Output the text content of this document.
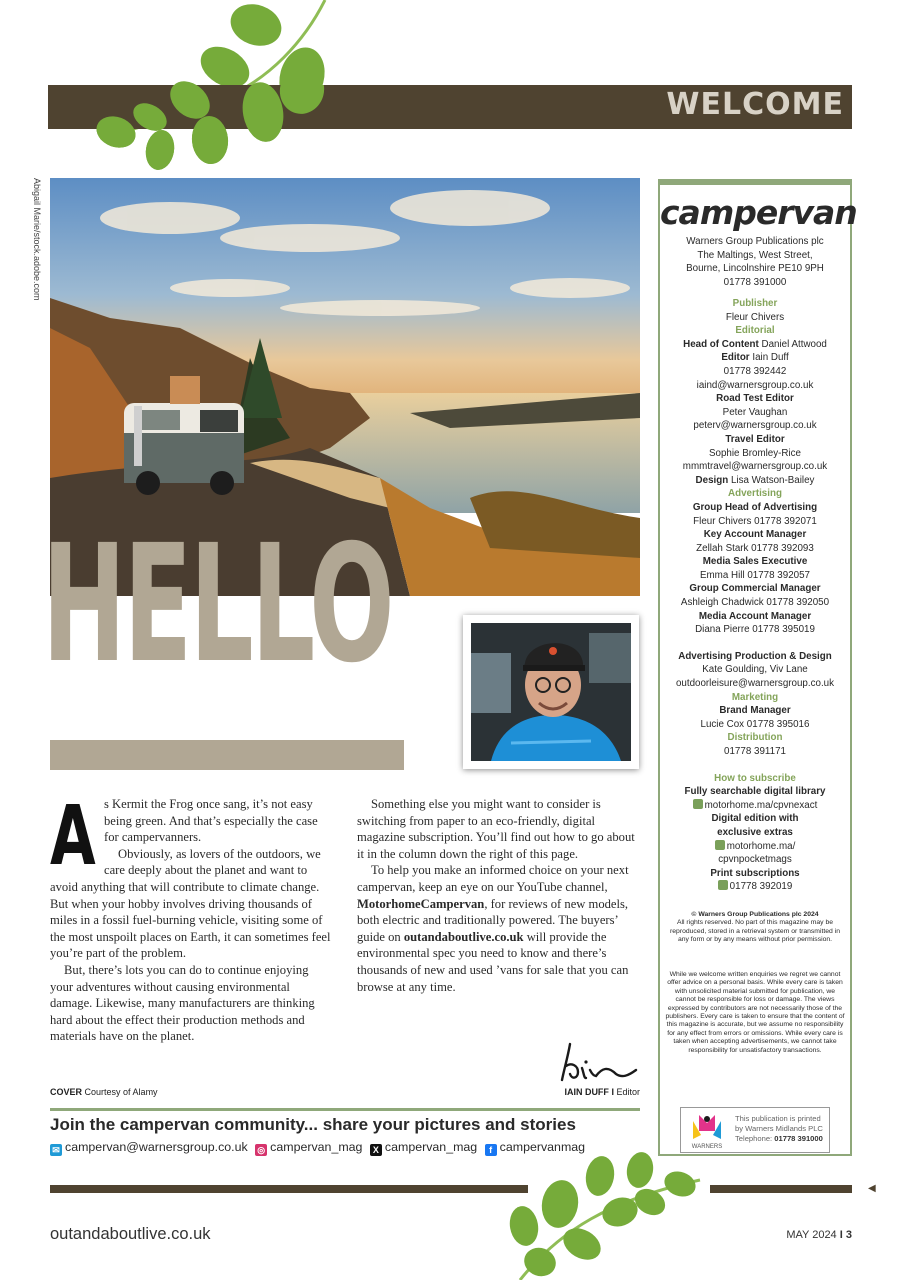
WELCOME
Abigail Marie/stock.adobe.com
HELLO
A s Kermit the Frog once sang, it’s not easy being green. And that’s especially the case for campervanners.

Obviously, as lovers of the outdoors, we care deeply about the planet and want to avoid anything that will contribute to climate change. But when your hobby involves driving thousands of miles in a fossil fuel-burning vehicle, visiting some of the most unspoilt places on Earth, it can sometimes feel you’re part of the problem.

But, there’s lots you can do to continue enjoying your adventures without causing environmental damage. Likewise, many manufacturers are thinking hard about the effect their production methods and materials have on the planet.

Something else you might want to consider is switching from paper to an eco-friendly, digital magazine subscription. You’ll find out how to go about it in the column down the right of this page.

To help you make an informed choice on your next campervan, keep an eye on our YouTube channel, MotorhomeCampervan, for reviews of new models, both electric and traditionally powered. The buyers’ guide on outandaboutlive.co.uk will provide the environmental spec you need to know and there’s thousands of new and used ’vans for sale that you can browse at any time.

COVER Courtesy of Alamy	IAIN DUFF I Editor
campervan
Warners Group Publications plc
The Maltings, West Street,
Bourne, Lincolnshire PE10 9PH
01778 391000
Publisher
Fleur Chivers
Editorial
Head of Content Daniel Attwood
Editor Iain Duff
01778 392442
iaind@warnersgroup.co.uk
Road Test Editor
Peter Vaughan
peterv@warnersgroup.co.uk
Travel Editor
Sophie Bromley-Rice
mmmtravel@warnersgroup.co.uk
Design Lisa Watson-Bailey
Advertising
Group Head of Advertising
Fleur Chivers 01778 392071
Key Account Manager
Zellah Stark 01778 392093
Media Sales Executive
Emma Hill 01778 392057
Group Commercial Manager
Ashleigh Chadwick 01778 392050
Media Account Manager
Diana Pierre 01778 395019
Advertising Production & Design
Kate Goulding, Viv Lane
outdoorleisure@warnersgroup.co.uk
Marketing
Brand Manager
Lucie Cox 01778 395016
Distribution
01778 391171
How to subscribe
Fully searchable digital library
motorhome.ma/cpvnexact
Digital edition with
exclusive extras
motorhome.ma/
cpvnpocketmags
Print subscriptions
01778 392019
© Warners Group Publications plc 2024
All rights reserved. No part of this magazine may be reproduced, stored in a retrieval system or transmitted in any form or by any means without prior permission.
While we welcome written enquiries we regret we cannot offer advice on a personal basis. While every care is taken with unsolicited material submitted for publication, we cannot be responsible for loss or damage. The views expressed by contributors are not necessarily those of the publishers. Every care is taken to ensure that the content of this magazine is accurate, but we assume no responsibility for any effect from errors or omissions. While every care is taken when accepting advertisements, we cannot take responsibility for unsatisfactory transactions.
WARNERS
This publication is printed
by Warners Midlands PLC
Telephone: 01778 391000
Join the campervan community... share your pictures and stories
✉ campervan@warnersgroup.co.uk ◎ campervan_mag X campervan_mag f campervanmag
◀
outandaboutlive.co.uk	MAY 2024 I 3
